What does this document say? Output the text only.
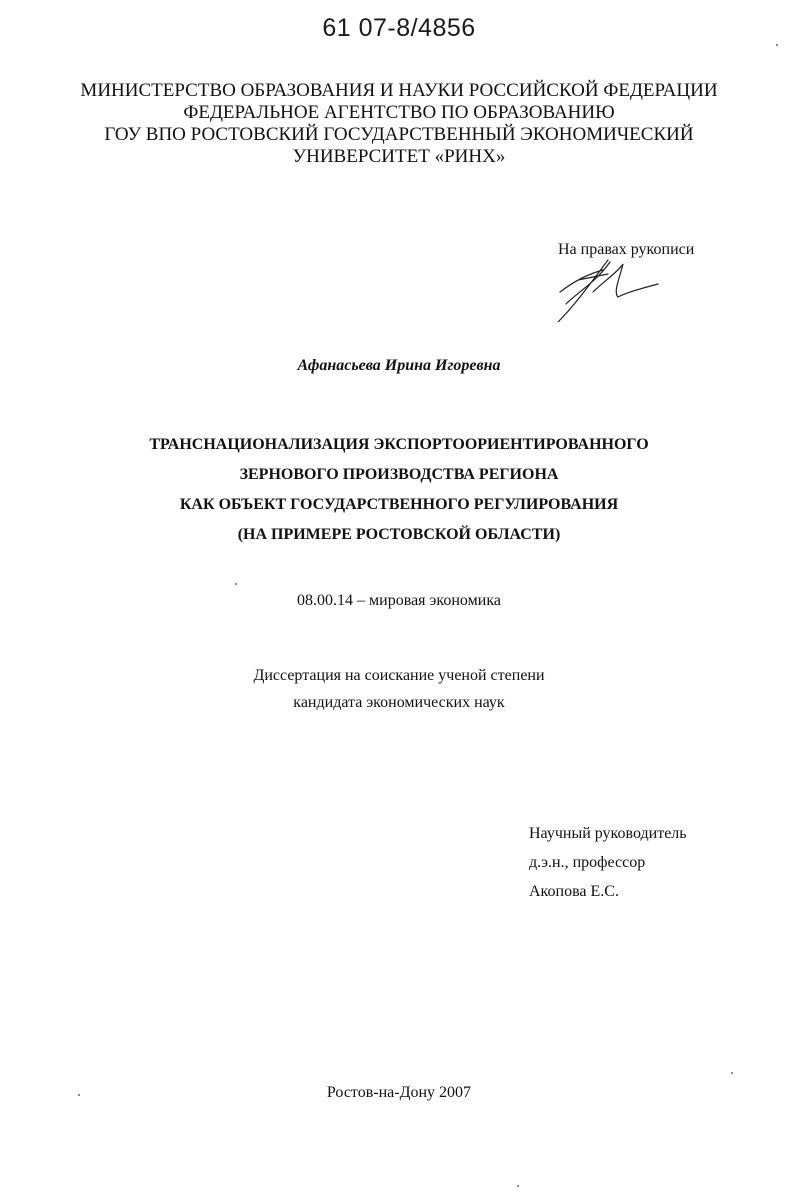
61 07-8/4856
МИНИСТЕРСТВО ОБРАЗОВАНИЯ И НАУКИ РОССИЙСКОЙ ФЕДЕРАЦИИ
ФЕДЕРАЛЬНОЕ АГЕНТСТВО ПО ОБРАЗОВАНИЮ
ГОУ ВПО РОСТОВСКИЙ ГОСУДАРСТВЕННЫЙ ЭКОНОМИЧЕСКИЙ
УНИВЕРСИТЕТ «РИНХ»
На правах рукописи
Афанасьева Ирина Игоревна
ТРАНСНАЦИОНАЛИЗАЦИЯ ЭКСПОРТООРИЕНТИРОВАННОГО
ЗЕРНОВОГО ПРОИЗВОДСТВА РЕГИОНА
КАК ОБЪЕКТ ГОСУДАРСТВЕННОГО РЕГУЛИРОВАНИЯ
(НА ПРИМЕРЕ РОСТОВСКОЙ ОБЛАСТИ)
08.00.14 – мировая экономика
Диссертация на соискание ученой степени
кандидата экономических наук
Научный руководитель
д.э.н., профессор
Акопова Е.С.
Ростов-на-Дону 2007
